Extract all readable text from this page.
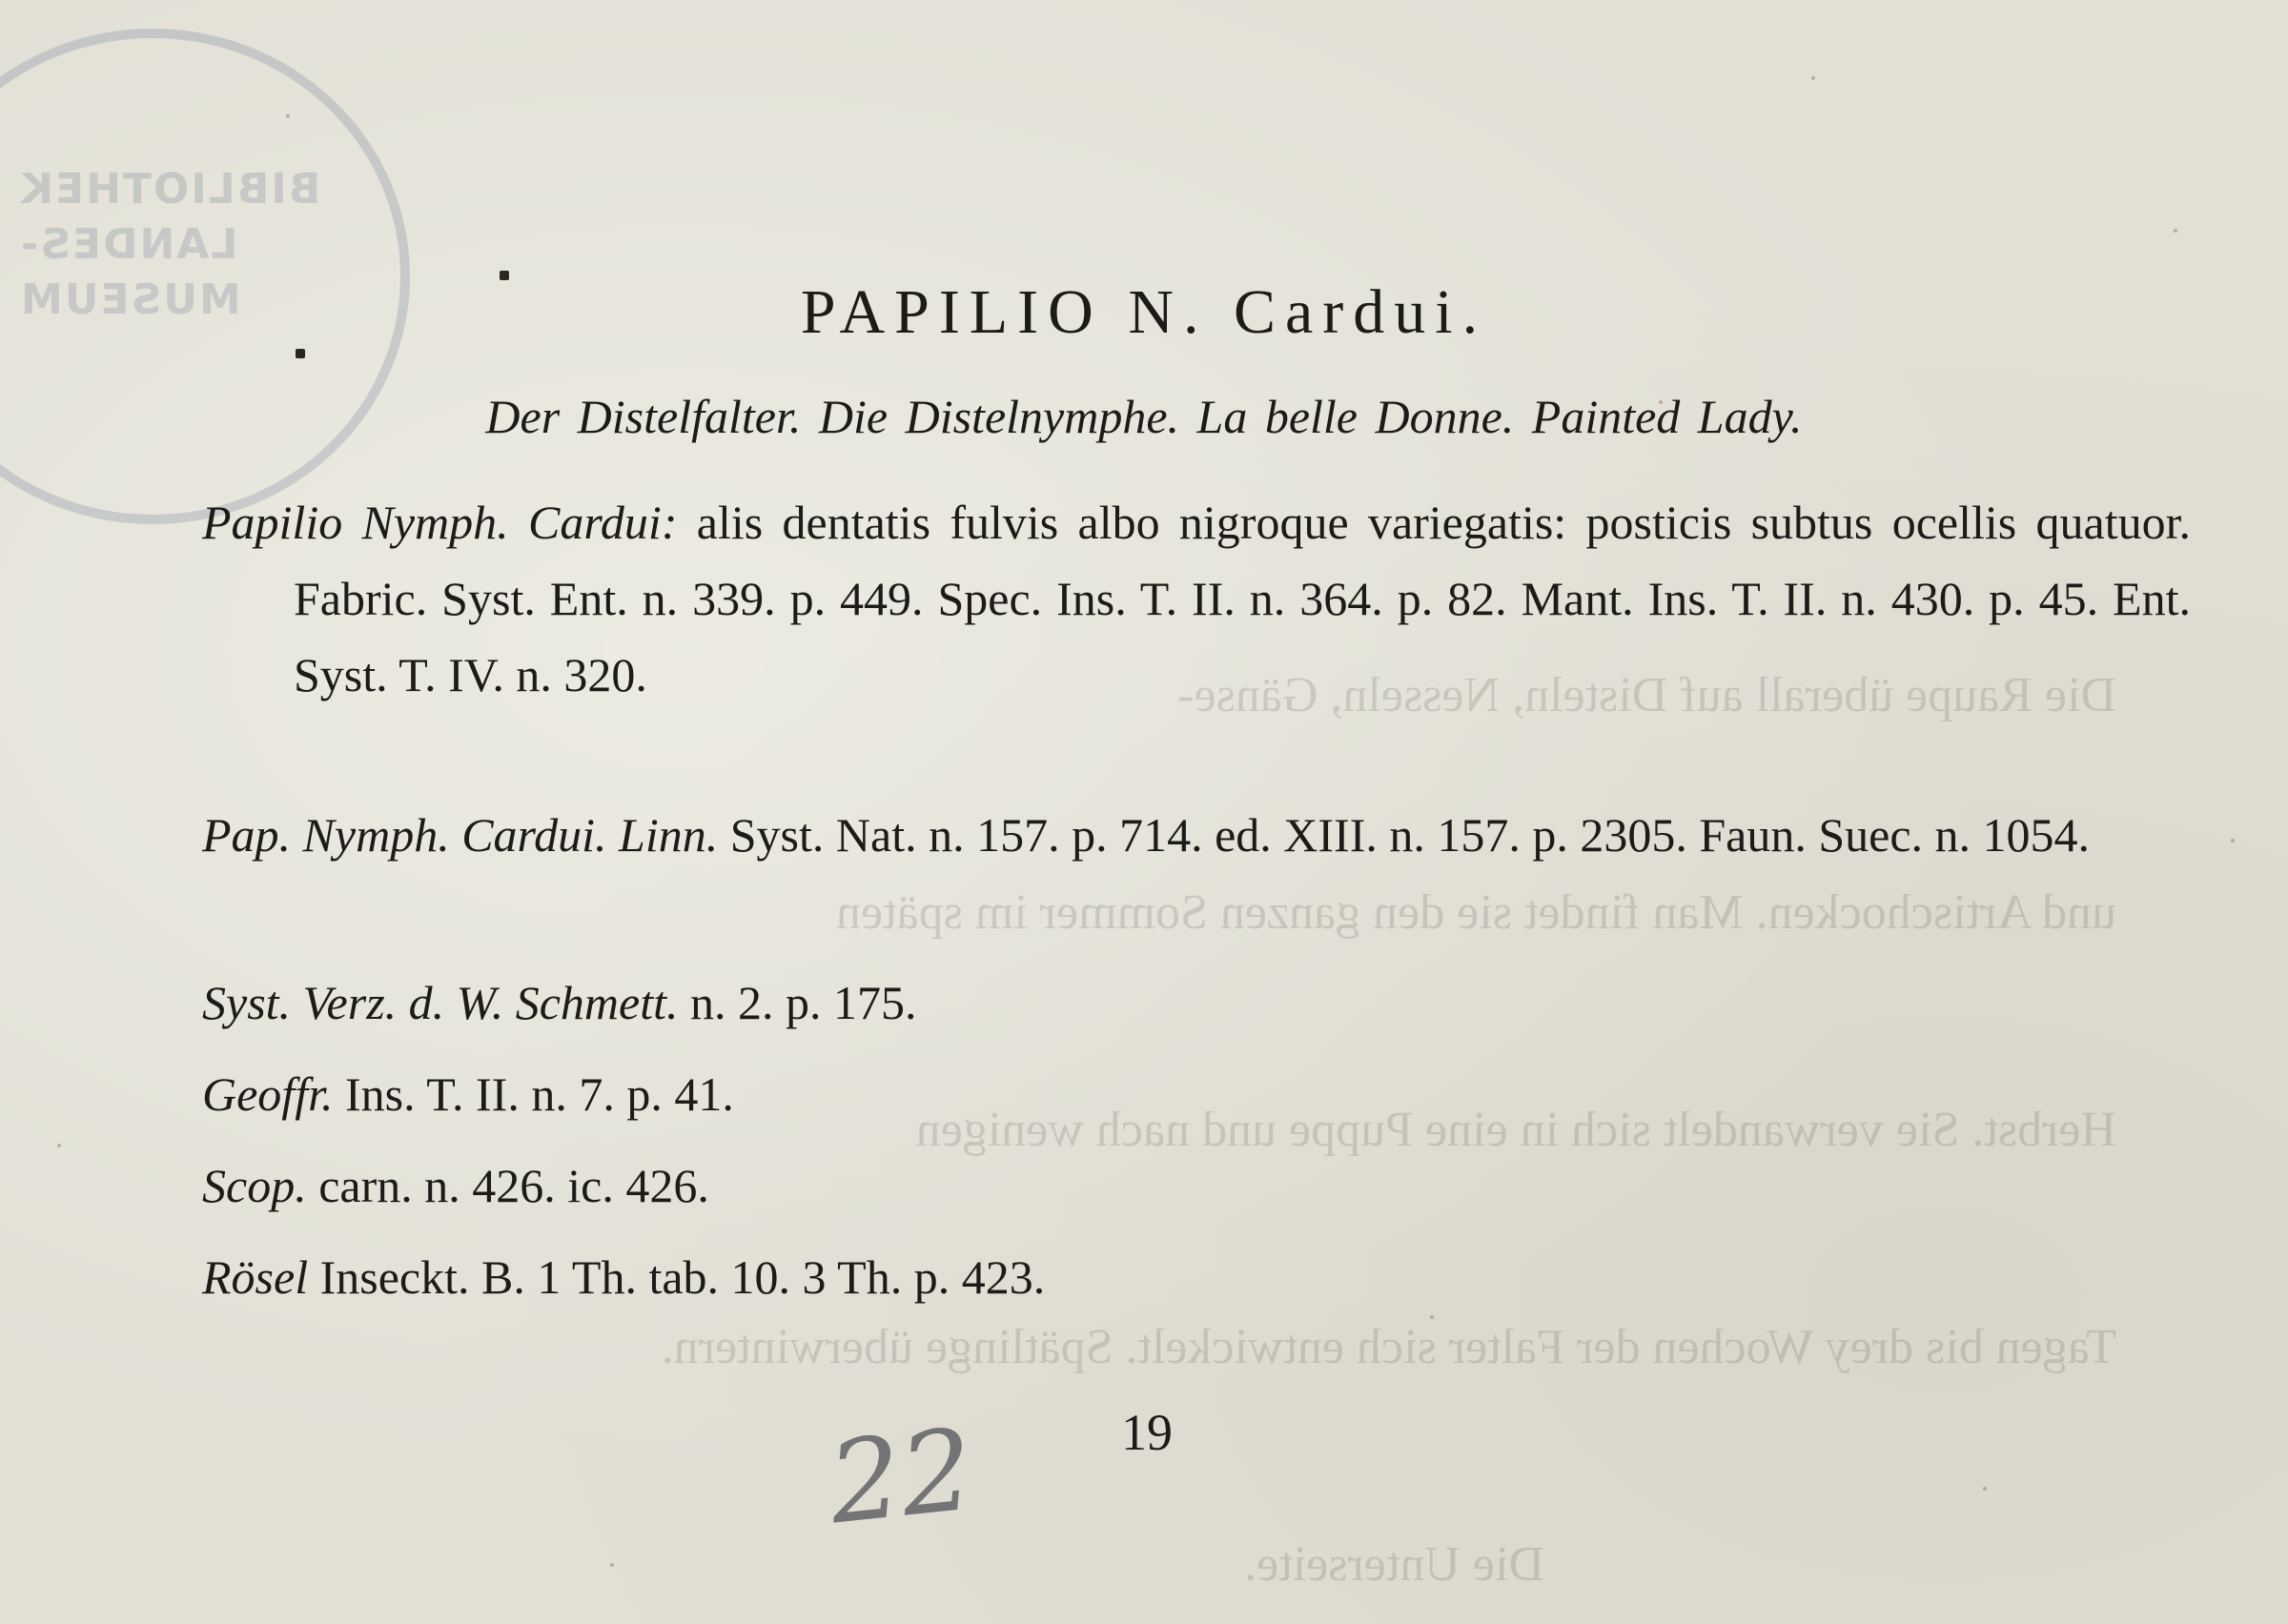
BIBLIOTHEK
LANDES-
MUSEUM

Die Raupe überall auf Disteln, Nesseln, Gänse-

und Artischocken. Man findet sie den ganzen Sommer im späten

Herbst. Sie verwandelt sich in eine Puppe und nach wenigen

Tagen bis drey Wochen der Falter sich entwickelt. Spätlinge überwintern.

Die Unterseite.

PAPILIO N. Cardui.
Der Distelfalter. Die Distelnymphe. La belle Donne. Painted Lady.
Papilio Nymph. Cardui: alis dentatis fulvis albo nigroque variegatis: posticis subtus ocellis quatuor. Fabric. Syst. Ent. n. 339. p. 449. Spec. Ins. T. II. n. 364. p. 82. Mant. Ins. T. II. n. 430. p. 45. Ent. Syst. T. IV. n. 320.
Pap. Nymph. Cardui. Linn. Syst. Nat. n. 157. p. 714. ed. XIII. n. 157. p. 2305. Faun. Suec. n. 1054.
Syst. Verz. d. W. Schmett. n. 2. p. 175.
Geoffr. Ins. T. II. n. 7. p. 41.
Scop. carn. n. 426. ic. 426.
Rösel Inseckt. B. 1 Th. tab. 10. 3 Th. p. 423.
22	19
